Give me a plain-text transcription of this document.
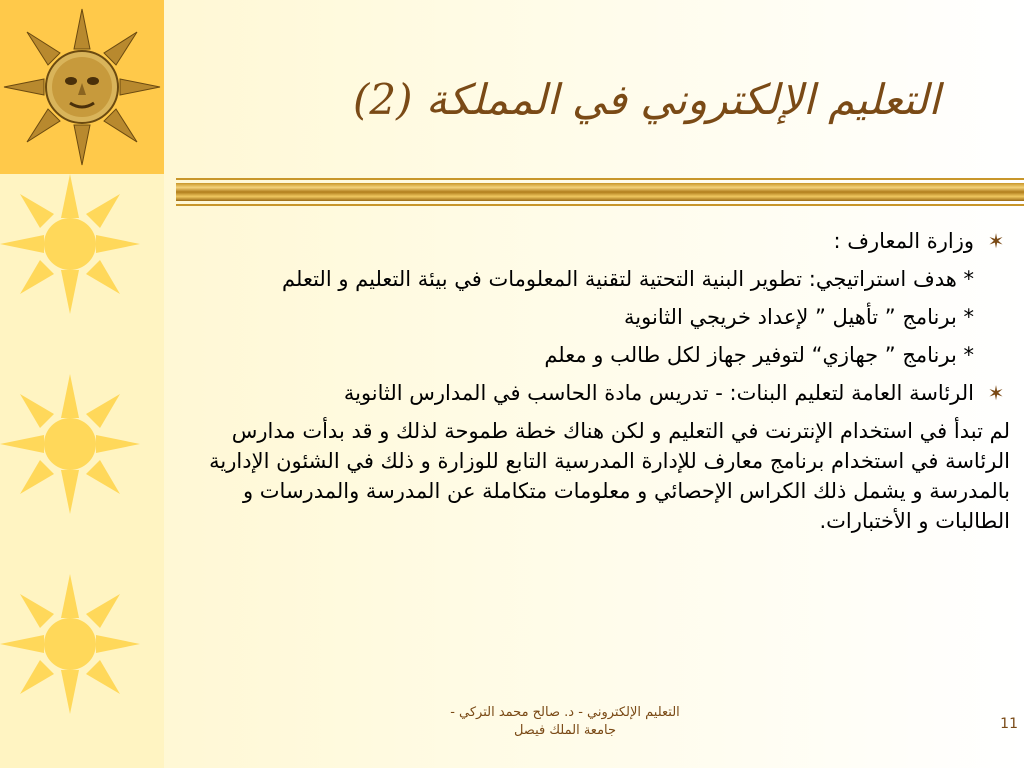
التعليم الإلكتروني في المملكة (2)
✶
وزارة المعارف :
* هدف استراتيجي: تطوير البنية التحتية لتقنية المعلومات في بيئة التعليم و التعلم
* برنامج ” تأهيل ” لإعداد خريجي الثانوية
* برنامج ” جهازي“ لتوفير جهاز لكل طالب و معلم
✶
الرئاسة العامة لتعليم البنات: - تدريس مادة الحاسب في المدارس الثانوية

لم تبدأ في استخدام الإنترنت في التعليم و لكن هناك خطة طموحة لذلك و قد بدأت مدارس الرئاسة في استخدام برنامج معارف للإدارة المدرسية التابع للوزارة و ذلك في الشئون الإدارية بالمدرسة و يشمل ذلك الكراس الإحصائي و معلومات متكاملة عن المدرسة والمدرسات و الطالبات و الأختبارات.

التعليم الإلكتروني - د. صالح محمد التركي -
جامعة الملك فيصل	11
